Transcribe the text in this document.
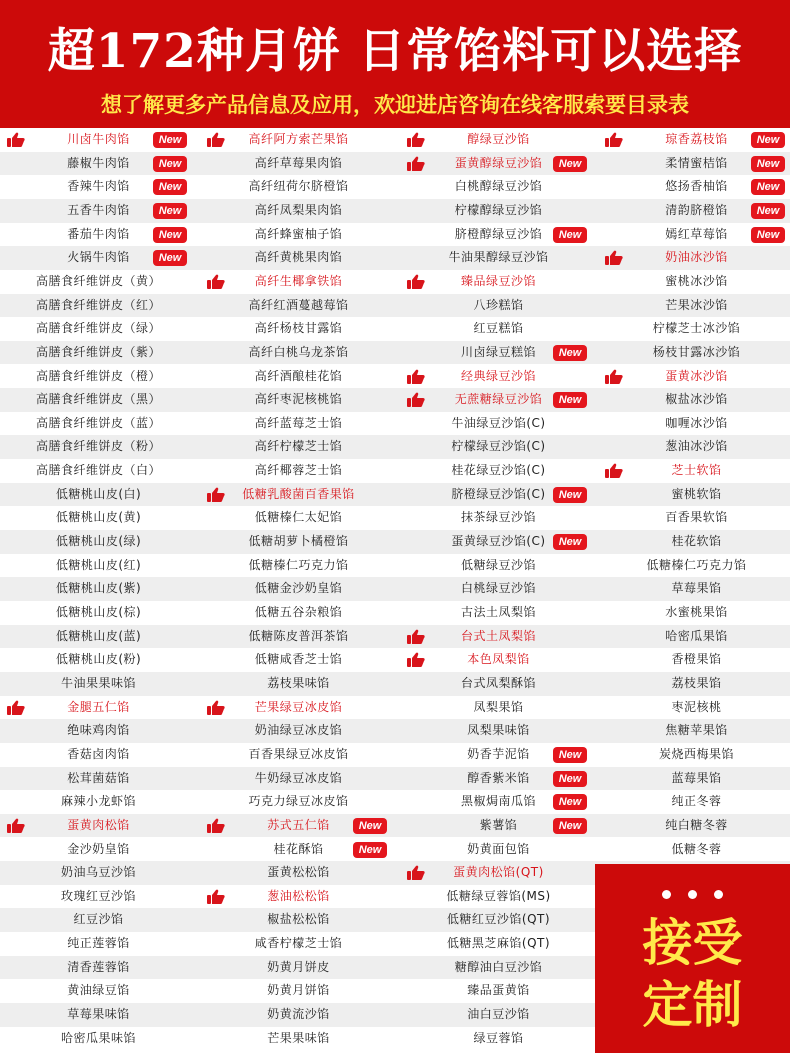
超172种月饼 日常馅料可以选择
想了解更多产品信息及应用，欢迎进店咨询在线客服索要目录表
川卤牛肉馅	New	高纤阿方索芒果馅	醇绿豆沙馅	琼香荔枝馅	New
藤椒牛肉馅	New	高纤草莓果肉馅	蛋黄醇绿豆沙馅	New	柔情蜜桔馅	New
香辣牛肉馅	New	高纤纽荷尔脐橙馅	白桃醇绿豆沙馅	悠扬香柚馅	New
五香牛肉馅	New	高纤凤梨果肉馅	柠檬醇绿豆沙馅	清韵脐橙馅	New
番茄牛肉馅	New	高纤蜂蜜柚子馅	脐橙醇绿豆沙馅	New	嫣红草莓馅	New
火锅牛肉馅	New	高纤黄桃果肉馅	牛油果醇绿豆沙馅	奶油冰沙馅
高膳食纤维饼皮（黄）	高纤生椰拿铁馅	臻品绿豆沙馅	蜜桃冰沙馅
高膳食纤维饼皮（红）	高纤红酒蔓越莓馅	八珍糕馅	芒果冰沙馅
高膳食纤维饼皮（绿）	高纤杨枝甘露馅	红豆糕馅	柠檬芝士冰沙馅
高膳食纤维饼皮（紫）	高纤白桃乌龙茶馅	川卤绿豆糕馅	New	杨枝甘露冰沙馅
高膳食纤维饼皮（橙）	高纤酒酿桂花馅	经典绿豆沙馅	蛋黄冰沙馅
高膳食纤维饼皮（黑）	高纤枣泥核桃馅	无蔗糖绿豆沙馅	New	椒盐冰沙馅
高膳食纤维饼皮（蓝）	高纤蓝莓芝士馅	牛油绿豆沙馅(C)	咖喱冰沙馅
高膳食纤维饼皮（粉）	高纤柠檬芝士馅	柠檬绿豆沙馅(C)	葱油冰沙馅
高膳食纤维饼皮（白）	高纤椰蓉芝士馅	桂花绿豆沙馅(C)	芝士软馅
低糖桃山皮(白)	低糖乳酸菌百香果馅	脐橙绿豆沙馅(C)	New	蜜桃软馅
低糖桃山皮(黄)	低糖榛仁太妃馅	抹茶绿豆沙馅	百香果软馅
低糖桃山皮(绿)	低糖胡萝卜橘橙馅	蛋黄绿豆沙馅(C)	New	桂花软馅
低糖桃山皮(红)	低糖榛仁巧克力馅	低糖绿豆沙馅	低糖榛仁巧克力馅
低糖桃山皮(紫)	低糖金沙奶皇馅	白桃绿豆沙馅	草莓果馅
低糖桃山皮(棕)	低糖五谷杂粮馅	古法土凤梨馅	水蜜桃果馅
低糖桃山皮(蓝)	低糖陈皮普洱茶馅	台式土凤梨馅	哈密瓜果馅
低糖桃山皮(粉)	低糖咸香芝士馅	本色凤梨馅	香橙果馅
牛油果果味馅	荔枝果味馅	台式凤梨酥馅	荔枝果馅
金腿五仁馅	芒果绿豆冰皮馅	凤梨果馅	枣泥核桃
绝味鸡肉馅	奶油绿豆冰皮馅	凤梨果味馅	焦糖苹果馅
香菇卤肉馅	百香果绿豆冰皮馅	奶香芋泥馅	New	炭烧西梅果馅
松茸菌菇馅	牛奶绿豆冰皮馅	醇香紫米馅	New	蓝莓果馅
麻辣小龙虾馅	巧克力绿豆冰皮馅	黑椒焗南瓜馅	New	纯正冬蓉
蛋黄肉松馅	苏式五仁馅	New	紫薯馅	New	纯白糖冬蓉
金沙奶皇馅	桂花酥馅	New	奶黄面包馅	低糖冬蓉
奶油乌豆沙馅	蛋黄松松馅	蛋黄肉松馅(QT)
玫瑰红豆沙馅	葱油松松馅	低糖绿豆蓉馅(MS)
红豆沙馅	椒盐松松馅	低糖红豆沙馅(QT)
纯正莲蓉馅	咸香柠檬芝士馅	低糖黑芝麻馅(QT)
清香莲蓉馅	奶黄月饼皮	糖醇油白豆沙馅
黄油绿豆馅	奶黄月饼馅	臻品蛋黄馅
草莓果味馅	奶黄流沙馅	油白豆沙馅
哈密瓜果味馅	芒果果味馅	绿豆蓉馅
接受
定制
